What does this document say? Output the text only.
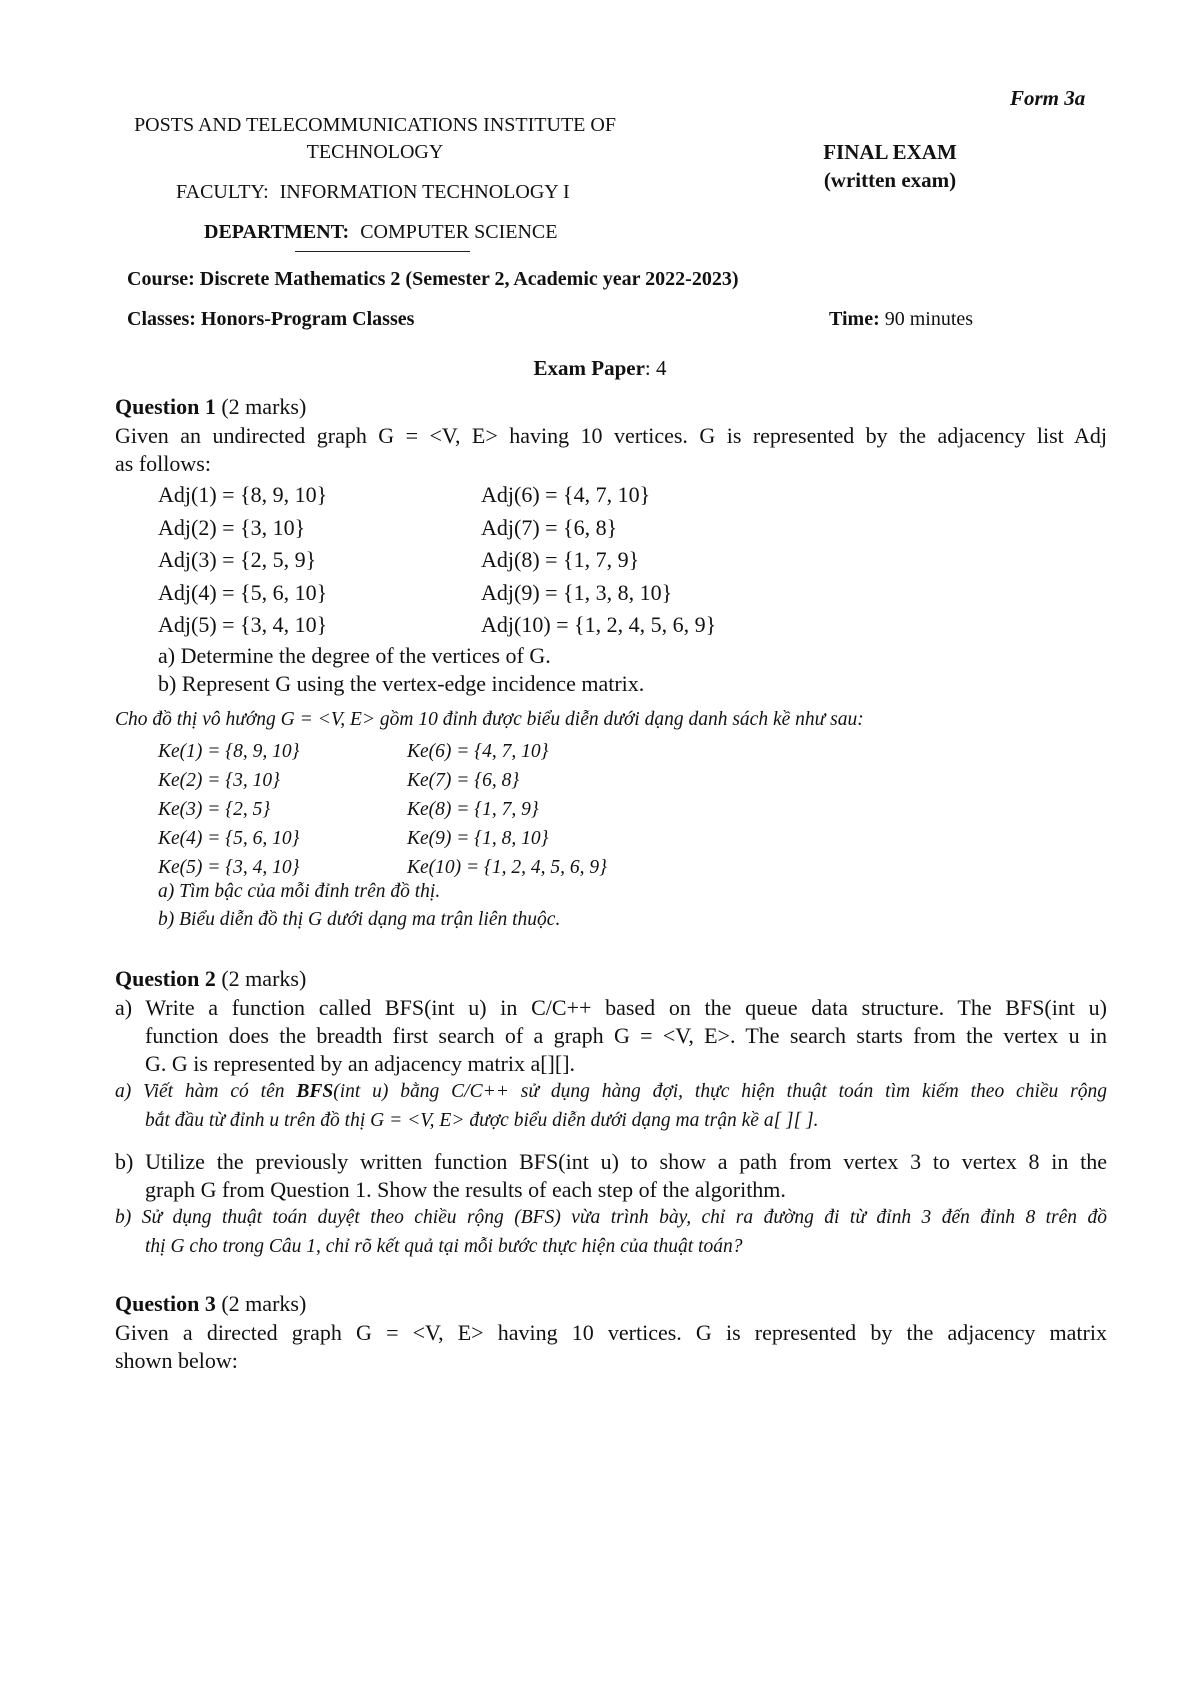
Form 3a
POSTS AND TELECOMMUNICATIONS INSTITUTE OF
TECHNOLOGY
FACULTY: INFORMATION TECHNOLOGY I
DEPARTMENT: COMPUTER SCIENCE
FINAL EXAM
(written exam)
Course: Discrete Mathematics 2 (Semester 2, Academic year 2022-2023)
Classes: Honors-Program Classes	Time: 90 minutes
Exam Paper: 4
Question 1 (2 marks)
Given an undirected graph G = <V, E> having 10 vertices. G is represented by the adjacency list Adj
as follows:
Adj(1) = {8, 9, 10}
Adj(2) = {3, 10}
Adj(3) = {2, 5, 9}
Adj(4) = {5, 6, 10}
Adj(5) = {3, 4, 10}
Adj(6) = {4, 7, 10}
Adj(7) = {6, 8}
Adj(8) = {1, 7, 9}
Adj(9) = {1, 3, 8, 10}
Adj(10) = {1, 2, 4, 5, 6, 9}
a) Determine the degree of the vertices of G.
b) Represent G using the vertex-edge incidence matrix.
Cho đồ thị vô hướng G = <V, E> gồm 10 đỉnh được biểu diễn dưới dạng danh sách kề như sau:
Ke(1) = {8, 9, 10}
Ke(2) = {3, 10}
Ke(3) = {2, 5}
Ke(4) = {5, 6, 10}
Ke(5) = {3, 4, 10}
Ke(6) = {4, 7, 10}
Ke(7) = {6, 8}
Ke(8) = {1, 7, 9}
Ke(9) = {1, 8, 10}
Ke(10) = {1, 2, 4, 5, 6, 9}
a) Tìm bậc của mỗi đỉnh trên đồ thị.
b) Biểu diễn đồ thị G dưới dạng ma trận liên thuộc.
Question 2 (2 marks)
a) Write a function called BFS(int u) in C/C++ based on the queue data structure. The BFS(int u)
function does the breadth first search of a graph G = <V, E>. The search starts from the vertex u in
G. G is represented by an adjacency matrix a[][].
a) Viết hàm có tên BFS(int u) bằng C/C++ sử dụng hàng đợi, thực hiện thuật toán tìm kiếm theo chiều rộng
bắt đầu từ đỉnh u trên đồ thị G = <V, E> được biểu diễn dưới dạng ma trận kề a[ ][ ].
b) Utilize the previously written function BFS(int u) to show a path from vertex 3 to vertex 8 in the
graph G from Question 1. Show the results of each step of the algorithm.
b) Sử dụng thuật toán duyệt theo chiều rộng (BFS) vừa trình bày, chỉ ra đường đi từ đỉnh 3 đến đỉnh 8 trên đồ
thị G cho trong Câu 1, chỉ rõ kết quả tại mỗi bước thực hiện của thuật toán?
Question 3 (2 marks)
Given a directed graph G = <V, E> having 10 vertices. G is represented by the adjacency matrix
shown below:
